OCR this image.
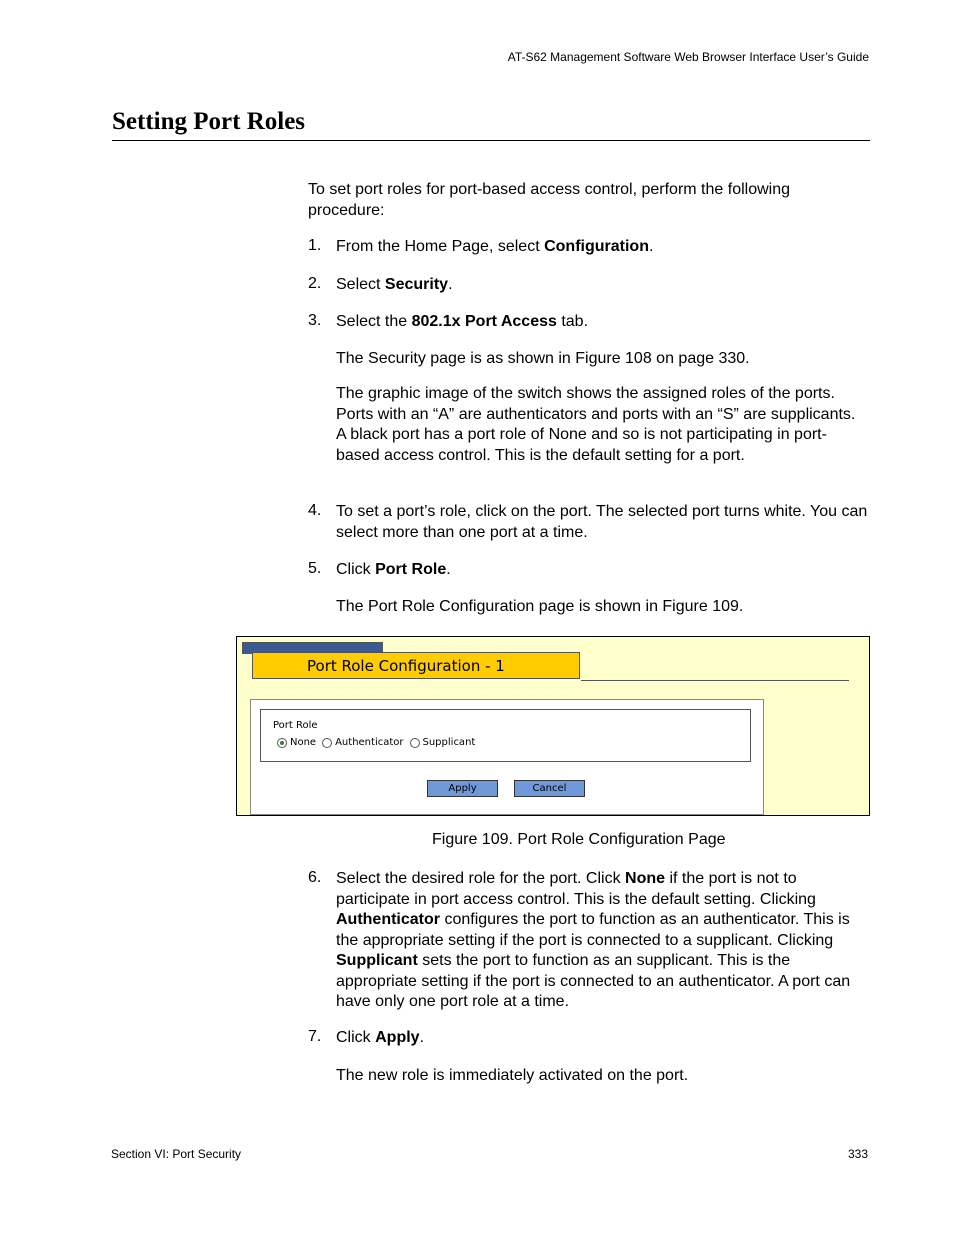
AT-S62 Management Software Web Browser Interface User’s Guide
Setting Port Roles
To set port roles for port-based access control, perform the following procedure:
1. From the Home Page, select Configuration.
2. Select Security.
3. Select the 802.1x Port Access tab.
The Security page is as shown in Figure 108 on page 330.
The graphic image of the switch shows the assigned roles of the ports. Ports with an “A” are authenticators and ports with an “S” are supplicants. A black port has a port role of None and so is not participating in port-based access control. This is the default setting for a port.
4. To set a port’s role, click on the port. The selected port turns white. You can select more than one port at a time.
5. Click Port Role.
The Port Role Configuration page is shown in Figure 109.
Port Role Configuration - 1
Port Role
None Authenticator Supplicant
Apply	Cancel
Figure 109. Port Role Configuration Page
6. Select the desired role for the port. Click None if the port is not to participate in port access control. This is the default setting. Clicking Authenticator configures the port to function as an authenticator. This is the appropriate setting if the port is connected to a supplicant. Clicking Supplicant sets the port to function as an supplicant. This is the appropriate setting if the port is connected to an authenticator. A port can have only one port role at a time.
7. Click Apply.
The new role is immediately activated on the port.
Section VI: Port Security	333
